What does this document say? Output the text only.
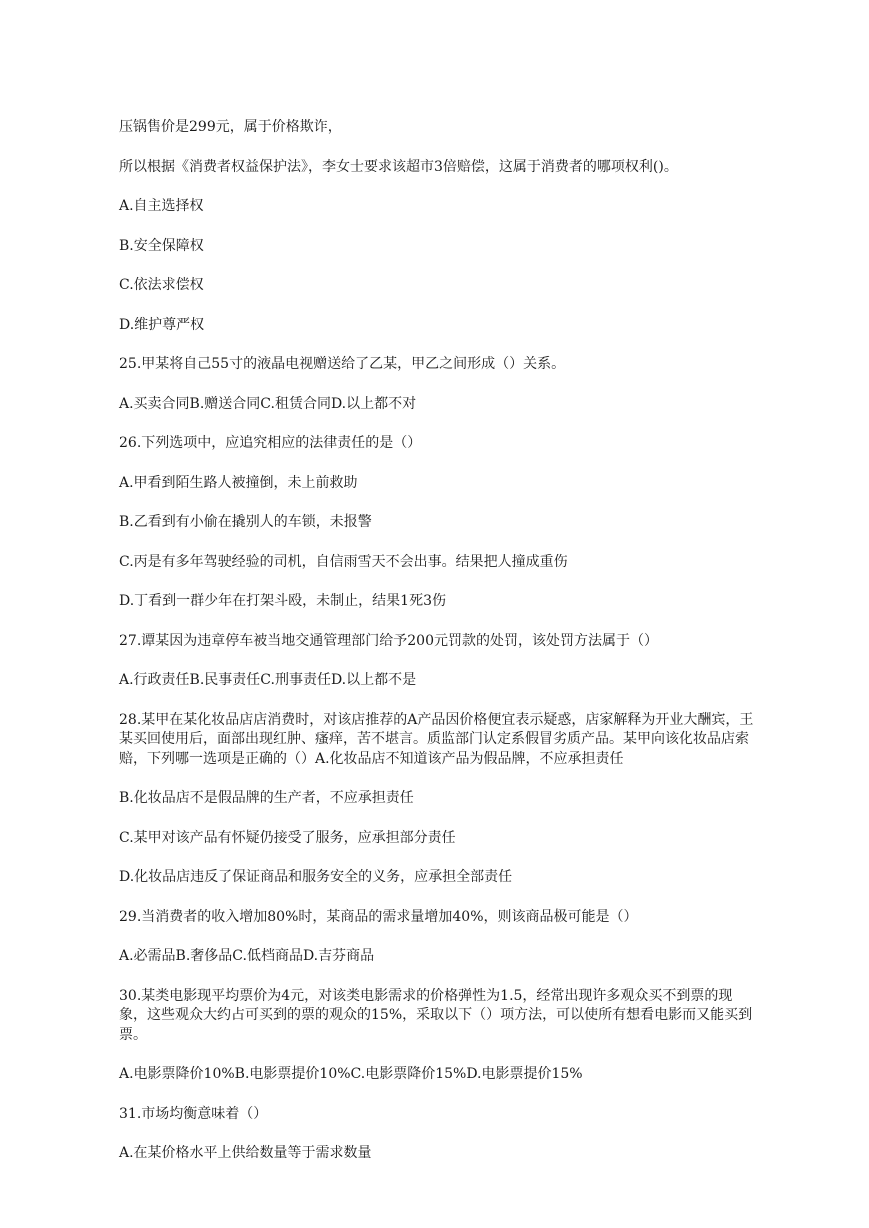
压锅售价是299元，属于价格欺诈，

所以根据《消费者权益保护法》，李女士要求该超市3倍赔偿，这属于消费者的哪项权利()。

A.自主选择权

B.安全保障权

C.依法求偿权

D.维护尊严权

25.甲某将自己55寸的液晶电视赠送给了乙某，甲乙之间形成（）关系。

A.买卖合同B.赠送合同C.租赁合同D.以上都不对

26.下列选项中，应追究相应的法律责任的是（）

A.甲看到陌生路人被撞倒，未上前救助

B.乙看到有小偷在撬别人的车锁，未报警

C.丙是有多年驾驶经验的司机，自信雨雪天不会出事。结果把人撞成重伤

D.丁看到一群少年在打架斗殴，未制止，结果1死3伤

27.谭某因为违章停车被当地交通管理部门给予200元罚款的处罚，该处罚方法属于（）

A.行政责任B.民事责任C.刑事责任D.以上都不是

28.某甲在某化妆品店店消费时，对该店推荐的A产品因价格便宜表示疑惑，店家解释为开业大酬宾，王某买回使用后，面部出现红肿、瘙痒，苦不堪言。质监部门认定系假冒劣质产品。某甲向该化妆品店索赔，下列哪一选项是正确的（）A.化妆品店不知道该产品为假品牌，不应承担责任

B.化妆品店不是假品牌的生产者，不应承担责任

C.某甲对该产品有怀疑仍接受了服务，应承担部分责任

D.化妆品店违反了保证商品和服务安全的义务，应承担全部责任

29.当消费者的收入增加80%时，某商品的需求量增加40%，则该商品极可能是（）

A.必需品B.奢侈品C.低档商品D.吉芬商品

30.某类电影现平均票价为4元，对该类电影需求的价格弹性为1.5，经常出现许多观众买不到票的现象，这些观众大约占可买到的票的观众的15%，采取以下（）项方法，可以使所有想看电影而又能买到票。

A.电影票降价10%B.电影票提价10%C.电影票降价15%D.电影票提价15%

31.市场均衡意味着（）

A.在某价格水平上供给数量等于需求数量
